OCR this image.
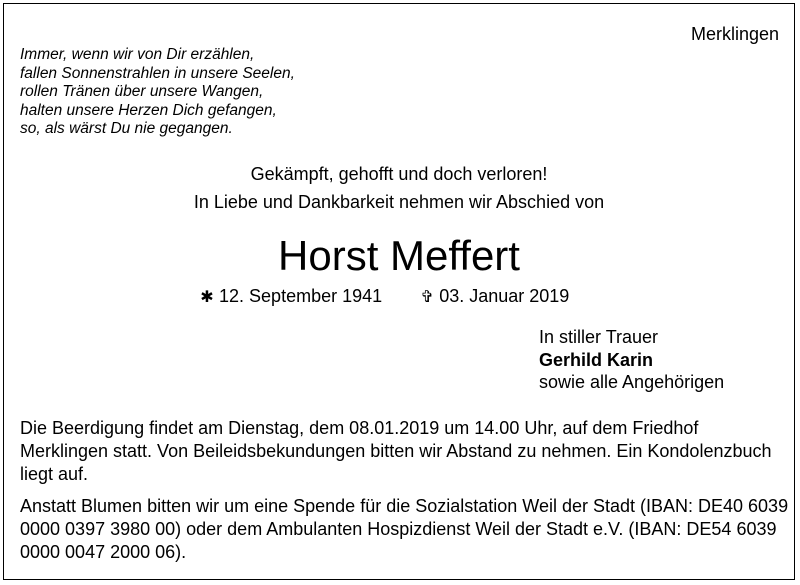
Merklingen
Immer, wenn wir von Dir erzählen,
fallen Sonnenstrahlen in unsere Seelen,
rollen Tränen über unsere Wangen,
halten unsere Herzen Dich gefangen,
so, als wärst Du nie gegangen.
Gekämpft, gehofft und doch verloren!
In Liebe und Dankbarkeit nehmen wir Abschied von
Horst Meffert
✱ 12. September 1941 ✞ 03. Januar 2019
In stiller Trauer
Gerhild Karin
sowie alle Angehörigen
Die Beerdigung findet am Dienstag, dem 08.01.2019 um 14.00 Uhr, auf dem Friedhof Merklingen statt. Von Beileidsbekundungen bitten wir Abstand zu nehmen. Ein Kondolenzbuch liegt auf.
Anstatt Blumen bitten wir um eine Spende für die Sozialstation Weil der Stadt (IBAN: DE40 6039 0000 0397 3980 00) oder dem Ambulanten Hospizdienst Weil der Stadt e.V. (IBAN: DE54 6039 0000 0047 2000 06).
